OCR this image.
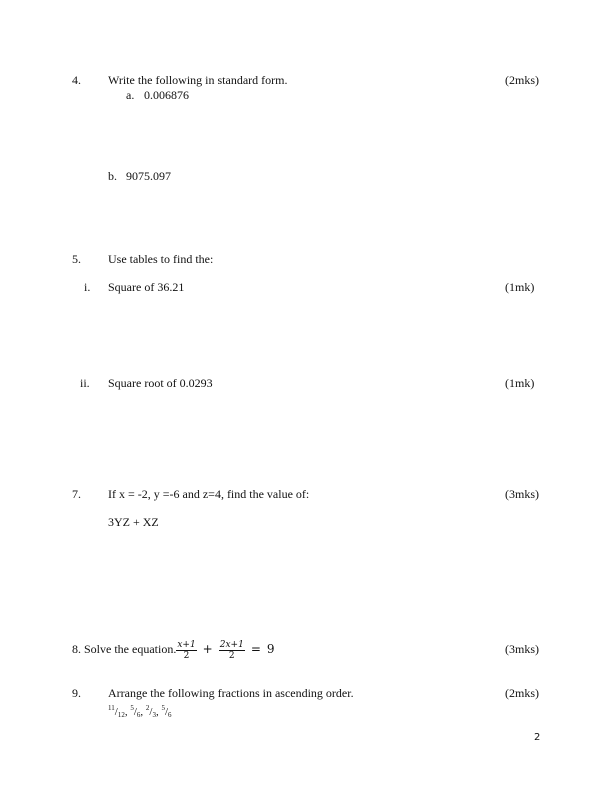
4. Write the following in standard form.	(2mks)
a. 0.006876
b. 9075.097
5. Use tables to find the:
i. Square of 36.21	(1mk)
ii. Square root of 0.0293	(1mk)
7. If x = -2, y =-6 and z=4, find the value of:	(3mks)
3YZ + XZ
8. Solve the equation. $\frac{x+1}{2} + \frac{2x+1}{2} = 9$	(3mks)
9. Arrange the following fractions in ascending order.	(2mks)
$^{11}/_{12}$, $^5/_6$, $^2/_3$, $^5/_6$
2
